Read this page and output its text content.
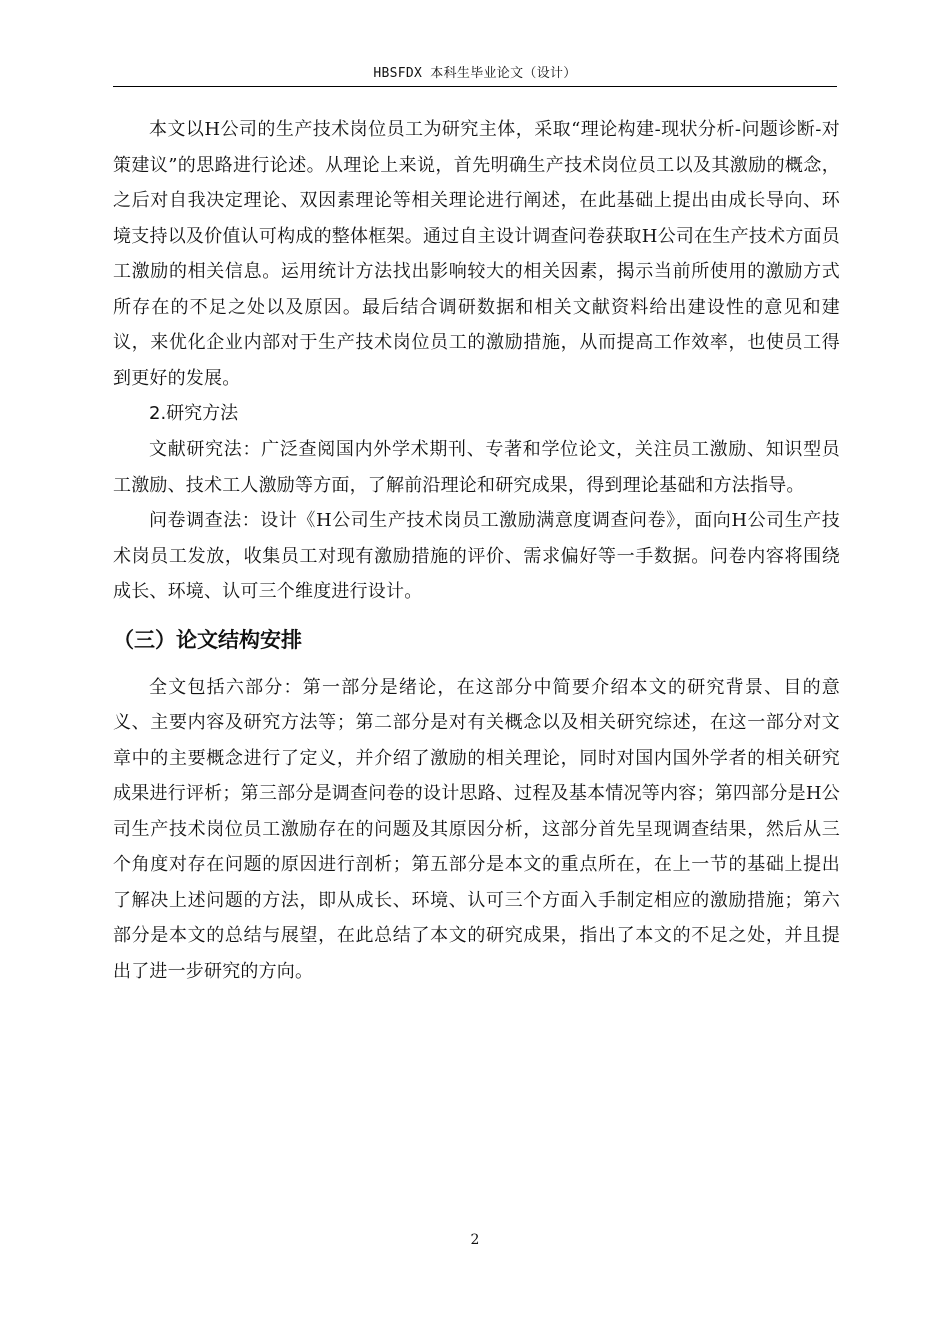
HBSFDX 本科生毕业论文（设计）

本文以H公司的生产技术岗位员工为研究主体，采取“理论构建-现状分析-问题诊断-对策建议”的思路进行论述。从理论上来说，首先明确生产技术岗位员工以及其激励的概念，之后对自我决定理论、双因素理论等相关理论进行阐述，在此基础上提出由成长导向、环境支持以及价值认可构成的整体框架。通过自主设计调查问卷获取H公司在生产技术方面员工激励的相关信息。运用统计方法找出影响较大的相关因素，揭示当前所使用的激励方式所存在的不足之处以及原因。最后结合调研数据和相关文献资料给出建设性的意见和建议，来优化企业内部对于生产技术岗位员工的激励措施，从而提高工作效率，也使员工得到更好的发展。

2.研究方法

文献研究法：广泛查阅国内外学术期刊、专著和学位论文，关注员工激励、知识型员工激励、技术工人激励等方面，了解前沿理论和研究成果，得到理论基础和方法指导。

问卷调查法：设计《H公司生产技术岗员工激励满意度调查问卷》，面向H公司生产技术岗员工发放，收集员工对现有激励措施的评价、需求偏好等一手数据。问卷内容将围绕成长、环境、认可三个维度进行设计。

（三）论文结构安排

全文包括六部分：第一部分是绪论，在这部分中简要介绍本文的研究背景、目的意义、主要内容及研究方法等；第二部分是对有关概念以及相关研究综述，在这一部分对文章中的主要概念进行了定义，并介绍了激励的相关理论，同时对国内国外学者的相关研究成果进行评析；第三部分是调查问卷的设计思路、过程及基本情况等内容；第四部分是H公司生产技术岗位员工激励存在的问题及其原因分析，这部分首先呈现调查结果，然后从三个角度对存在问题的原因进行剖析；第五部分是本文的重点所在，在上一节的基础上提出了解决上述问题的方法，即从成长、环境、认可三个方面入手制定相应的激励措施；第六部分是本文的总结与展望，在此总结了本文的研究成果，指出了本文的不足之处，并且提出了进一步研究的方向。

2
